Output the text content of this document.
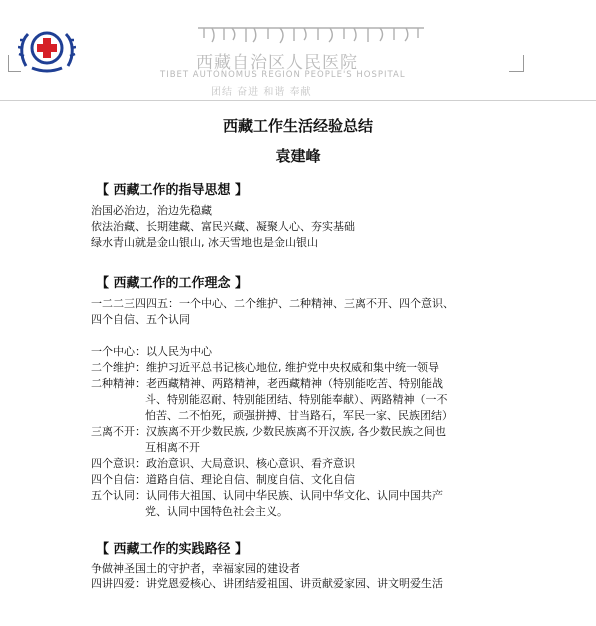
西藏自治区人民医院
TIBET AUTONOMUS REGION PEOPLE'S HOSPITAL
团结 奋进 和谐 奉献
西藏工作生活经验总结
袁建峰
【 西藏工作的指导思想 】
治国必治边，治边先稳藏
依法治藏、长期建藏、富民兴藏、凝聚人心、夯实基础
绿水青山就是金山银山, 冰天雪地也是金山银山
【 西藏工作的工作理念 】
一二二三四四五：一个中心、二个维护、二种精神、三离不开、四个意识、
四个自信、五个认同
一个中心：以人民为中心
二个维护：维护习近平总书记核心地位, 维护党中央权威和集中统一领导
二种精神：老西藏精神、两路精神，老西藏精神（特别能吃苦、特别能战
斗、特别能忍耐、特别能团结、特别能奉献）、两路精神（一不
怕苦、二不怕死，顽强拼搏、甘当路石，军民一家、民族团结）
三离不开：汉族离不开少数民族, 少数民族离不开汉族, 各少数民族之间也
互相离不开
四个意识：政治意识、大局意识、核心意识、看齐意识
四个自信：道路自信、理论自信、制度自信、文化自信
五个认同：认同伟大祖国、认同中华民族、认同中华文化、认同中国共产
党、认同中国特色社会主义。
【 西藏工作的实践路径 】
争做神圣国土的守护者，幸福家园的建设者
四讲四爱：讲党恩爱核心、讲团结爱祖国、讲贡献爱家园、讲文明爱生活
